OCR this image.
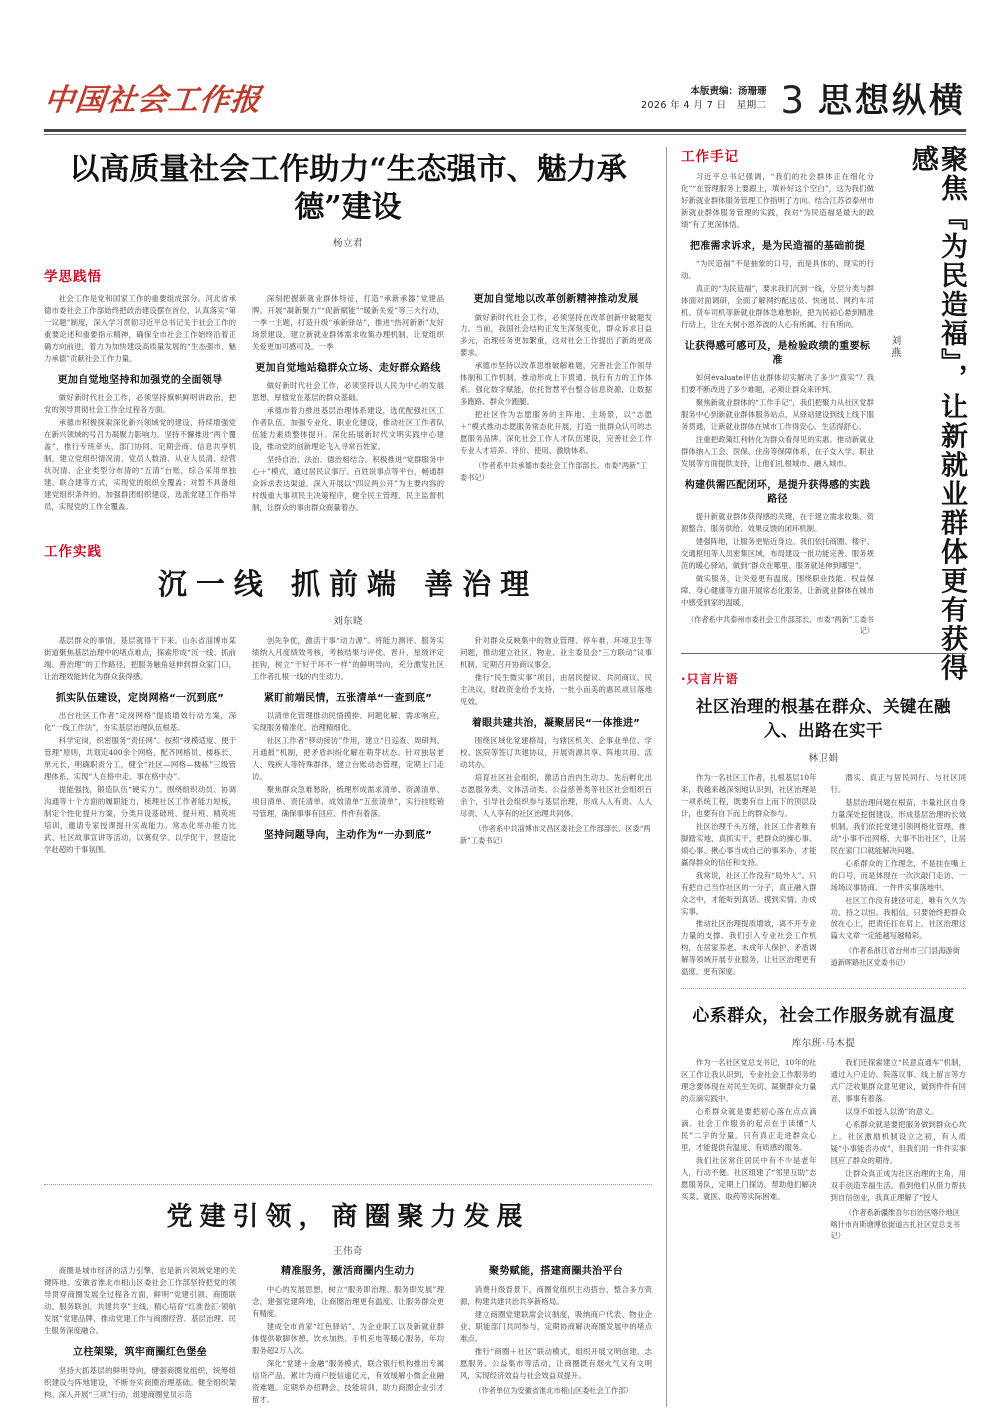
中国社会工作报	本版责编：汤珊珊
2026 年 4 月 7 日 星期二 3 思想纵横
以高质量社会工作助力“生态强市、魅力承德”建设
杨立君
学思践悟

社会工作是党和国家工作的重要组成部分。河北省承德市委社会工作部始终把政治建设摆在首位，认真落实“第一议题”制度，深入学习贯彻习近平总书记关于社会工作的重要论述和重要指示精神，确保全市社会工作始终沿着正确方向前进，着力为加快建设高质量发展的“生态强市、魅力承德”贡献社会工作力量。

更加自觉地坚持和加强党的全面领导

做好新时代社会工作，必须坚持旗帜鲜明讲政治，把党的领导贯彻社会工作全过程各方面。

承德市积极探索深化新兴领域党的建设，持续增强党在新兴领域的号召力凝聚力影响力。坚持不懈推进“两个覆盖”，推行专班牵头、部门协同、定期会商、信息共享机制，建立党组织情况清、党员人数清、从业人员清、经营状况清、企业类型分布清的“五清”台账，综合采用单独建、联合建等方式，实现党的组织全覆盖；对暂不具备组建党组织条件的，加强群团组织建设，选派党建工作指导员，实现党的工作全覆盖。

深刻把握新就业群体特征，打造“承新承器”党建品牌。开展“凝新聚力”“促新赋能”“暖新关爱”等三大行动，一季一主题，打造升级“承新驿站”，推进“热河新新”友好场景建设，建立新就业群体需求收集办理机制，让党组织关爱更加可感可及。一季

更加自觉地站稳群众立场、走好群众路线

做好新时代社会工作，必须坚持以人民为中心的发展思想，厚植党在基层的群众基础。

承德市着力推进基层治理体系建设，选优配强社区工作者队伍，加强专业化、职业化建设，推动社区工作者队伍能力素质整体提升。深化拓展新时代文明实践中心建设，推动党的创新理论飞入寻常百姓家。

坚持自治、法治、德治相结合。积极推进“党群服务中心＋”模式，通过居民议事厅、百姓说事点等平台，畅通群众诉求表达渠道。深入开展以“四议两公开”为主要内容的村级重大事项民主决策程序，健全民主管理、民主监督机制，让群众的事由群众商量着办。

更加自觉地以改革创新精神推动发展

做好新时代社会工作，必须坚持在改革创新中破题发力。当前，我国社会结构正发生深刻变化，群众诉求日益多元，治理任务更加繁重，这对社会工作提出了新的更高要求。

承德市坚持以改革思维破解难题，完善社会工作领导体制和工作机制，推动形成上下贯通、执行有力的工作体系。强化数字赋能，依托智慧平台整合信息资源，让数据多跑路、群众少跑腿。

把社区作为志愿服务的主阵地、主场景，以“志愿＋”模式推动志愿服务常态化开展，打造一批群众认可的志愿服务品牌。深化社会工作人才队伍建设，完善社会工作专业人才培养、评价、使用、激励体系。

（作者系中共承德市委社会工作部部长、市委“两新”工委书记）

工作实践
沉一线 抓前端 善治理
刘东晓

基层群众的事情，基层就得干下来。山东省淄博市某街道聚焦基层治理中的堵点难点，探索形成“沉一线、抓前端、善治理”的工作路径，把服务触角延伸到群众家门口，让治理效能转化为群众获得感。

抓实队伍建设，定岗网格“一沉到底”

出台社区工作者“定岗网格”提质增效行动方案，深化“一线工作法”，夯实基层治理队伍根基。

科学定岗，织密服务“责任网”。按照“规模适度、便于管理”原则，共划定400余个网格，配齐网格员、楼栋长、单元长，明确职责分工，健全“社区—网格—楼栋”三级管理体系，实现“人在格中走、事在格中办”。

提能强技，锻造队伍“硬实力”。围绕组织动员、协调沟通等十个方面的履职能力，梳理社区工作者能力短板，制定个性化提升方案，分类开设基础班、提升班、精英班培训，邀请专家授课提升实战能力。常态化举办能力比武、社区故事宣讲等活动，以赛促学、以学促干，营造比学赶超的干事氛围。

创先争优，激活干事“动力源”。将能力测评、服务实绩纳入月度绩效考核，考核结果与评优、晋升、星级评定挂钩，树立“干好干坏不一样”的鲜明导向，充分激发社区工作者扎根一线的内生动力。

紧盯前端民情，五张清单“一查到底”

以清单化管理推动民情摸排、问题化解、需求响应，实现服务精准化、治理精细化。

社区工作者“移动接访”作用，建立“日巡查、周研判、月通报”机制，把矛盾纠纷化解在萌芽状态。针对独居老人、残疾人等特殊群体，建立台账动态管理，定期上门走访。

聚焦群众急难愁盼，梳理形成需求清单、资源清单、项目清单、责任清单、成效清单“五张清单”，实行挂账销号管理，确保事事有回应、件件有着落。

坚持问题导向，主动作为“一办到底”

针对群众反映集中的物业管理、停车难、环境卫生等问题，推动建立社区、物业、业主委员会“三方联动”议事机制，定期召开协商议事会。

推行“民生微实事”项目，由居民提议、共同商议、民主决议，财政资金给予支持，一批小而美的惠民项目落地见效。

着眼共建共治，凝聚居民“一体推进”

围绕区域化党建格局，与辖区机关、企事业单位、学校、医院等签订共建协议，开展资源共享、阵地共用、活动共办。

培育社区社会组织，激活自治内生动力。先后孵化出志愿服务类、文体活动类、公益慈善类等社区社会组织百余个，引导社会组织参与基层治理，形成人人有责、人人尽责、人人享有的社区治理共同体。

（作者系中共淄博市文昌区委社会工作部部长、区委“两新”工委书记）

党建引领，商圈聚力发展
王伟奇

商圈是城市经济的活力引擎，也是新兴领域党建的关键阵地。安徽省淮北市相山区委社会工作部坚持把党的领导贯穿商圈发展全过程各方面，鲜明“党建引领、商圈联动、服务联创、共建共享”主线，精心培育“红淮卷汇·领航发展”党建品牌，推动党建工作与商圈经营、基层治理、民生服务深度融合。

立柱架梁，筑牢商圈红色堡垒

坚持大抓基层的鲜明导向，健强商圈党组织，统筹组织建设与阵地建设，不断夯实商圈治理基础。健全组织架构。深入开展“三项”行动，组建商圈党员示范

精准服务，激活商圈内生动力

中心的发展思想，树立“服务即治理、服务即发展”理念，建强党建阵地，让商圈治理更有温度、让服务群众更有精度。

建成全市首家“红色驿站”，为企业职工以及新就业群体提供歇脚休憩、饮水加热、手机充电等暖心服务，年均服务超2万人次。

深化“党建＋金融”服务模式，联合银行机构推出专属信贷产品，累计为商户授信逾亿元，有效缓解小微企业融资难题。定期举办招聘会、技能培训，助力商圈企业引才留才。

聚势赋能，搭建商圈共治平台

消费升级背景下，商圈党组织主动搭台，整合多方资源，构建共建共治共享新格局。

建立商圈党建联席会议制度，吸纳商户代表、物业企业、职能部门共同参与，定期协商解决商圈发展中的堵点难点。

推行“商圈＋社区”联动模式，组织开展文明创建、志愿服务、公益集市等活动，让商圈既有烟火气又有文明风，实现经济效益与社会效益双提升。

（作者单位为安徽省淮北市相山区委社会工作部）

聚焦『为民造福』，让新就业群体更有获得感
刘燕
工作手记

习近平总书记强调，“我们的社会群体正在细化分化”“在管理服务上要跟上，填补好这个空白”，这为我们做好新就业群体服务管理工作指明了方向。结合江苏省泰州市新就业群体服务管理的实践，我对“为民造福是最大的政绩”有了更深体悟。

把准需求诉求，是为民造福的基础前提

“为民造福”不是抽象的口号，而是具体的、现实的行动。

真正的“为民造福”，要求我们沉到一线，分层分类与群体面对面调研，全面了解网约配送员、快递员、网约车司机、货车司机等新就业群体急难愁盼，把为民初心悬到精准行动上，让在大树小恩养波的人心有所属、行有所向。

让获得感可感可及，是检验政绩的重要标准

如何évaluate评估业群体切实解决了多少“真实”？我们要不断改进了多少难题，必须让群众来评判。

聚焦新就业群体的“工作手记”，我们把聚力从社区党群服务中心到新就业群体服务站点，从驿站建设到线上线下服务贯通，让新就业群体在城市工作得安心、生活得舒心。

注重把政策红利转化为群众看得见的实惠。推动新就业群体纳入工会、医保、住房等保障体系，在子女入学、职业发展等方面提供支持，让他们扎根城市、融入城市。

构建供需匹配闭环，是提升获得感的实践路径

提升新就业群体获得感的关键，在于建立需求收集、资源整合、服务供给、效果反馈的闭环机制。

建强阵地，让服务更贴近身边。我们依托商圈、楼宇、交通枢纽等人员密集区域，布局建设一批功能完善、服务规范的暖心驿站，做到“群众在哪里、服务就延伸到哪里”。

做实服务，让关爱更有温度。围绕职业技能、权益保障、身心健康等方面开展常态化服务，让新就业群体在城市中感受到家的温暖。

（作者系中共泰州市委社会工作部部长、市委“两新”工委书记）

·只言片语
社区治理的根基在群众、关键在融入、出路在实干
林卫娟

作为一名社区工作者，扎根基层10年来，我越来越深刻地认识到，社区治理是一项系统工程，既要有自上而下的顶层设计，也要有自下而上的群众参与。

社区治理千头万绪，社区工作者唯有脚踏实地、真抓实干，把群众的操心事、烦心事、揪心事当成自己的事来办，才能赢得群众的信任和支持。

我常说，社区工作没有“局外人”。只有把自己当作社区的一分子，真正融入群众之中，才能听到真话、摸到实情、办成实事。

推动社区治理提质增效，离不开专业力量的支撑。我们引入专业社会工作机构，在居家养老、未成年人保护、矛盾调解等领域开展专业服务，让社区治理更有温度、更有深度。

潜实、真正与居民同行、与社区同行。

基层治理问题在根苗，丰量社区自身力量深处挖掘建设，形成基层治理的长效机制。我们依托党建引领网格化管理，推动“小事不出网格、大事不出社区”，让居民在家门口就能解决问题。

心系群众的工作理念，不是挂在嘴上的口号，而是体现在一次次敲门走访、一场场议事协商、一件件实事落地中。

社区工作没有捷径可走，唯有久久为功、持之以恒。我相信，只要始终把群众放在心上，把责任扛在肩上，社区治理这篇大文章一定能越写越精彩。

（作者系浙江省台州市三门县海游街道新晖路社区党委书记）

心系群众，社会工作服务就有温度
库尔班·马木提

作为一名社区党总支书记，10年的社区工作让我认识到，专业社会工作服务的理念要体现在对民生关切、凝聚群众力量的点滴实践中。

心系群众就是要把初心落在点点滴滴。社会工作服务的起点在于读懂“人民”二字的分量。只有真正走进群众心里，才能提供有温度、有质感的服务。

我们社区常住居民中有不少是老年人，行动不便。社区组建了“邻里互助”志愿服务队，定期上门探访，帮助他们解决买菜、就医、取药等实际困难。

我们还探索建立“民意直通车”机制，通过入户走访、院落议事、线上留言等方式广泛收集群众意见建议，做到件件有回音、事事有着落。

以身不如授人以渔”的意义。

心系群众就是要把服务做到群众心坎上。社区激励机制设立之初，有人质疑“小事能否办成”，但我们用一件件实事回应了群众的期待。

让群众真正成为社区治理的主角，用双手创造幸福生活。看到他们从借力帮扶到自信创业，我真正理解了“授人

（作者系新疆维吾尔自治区喀什地区喀什市肖斯塘博依街道古扎社区党总支书记）
